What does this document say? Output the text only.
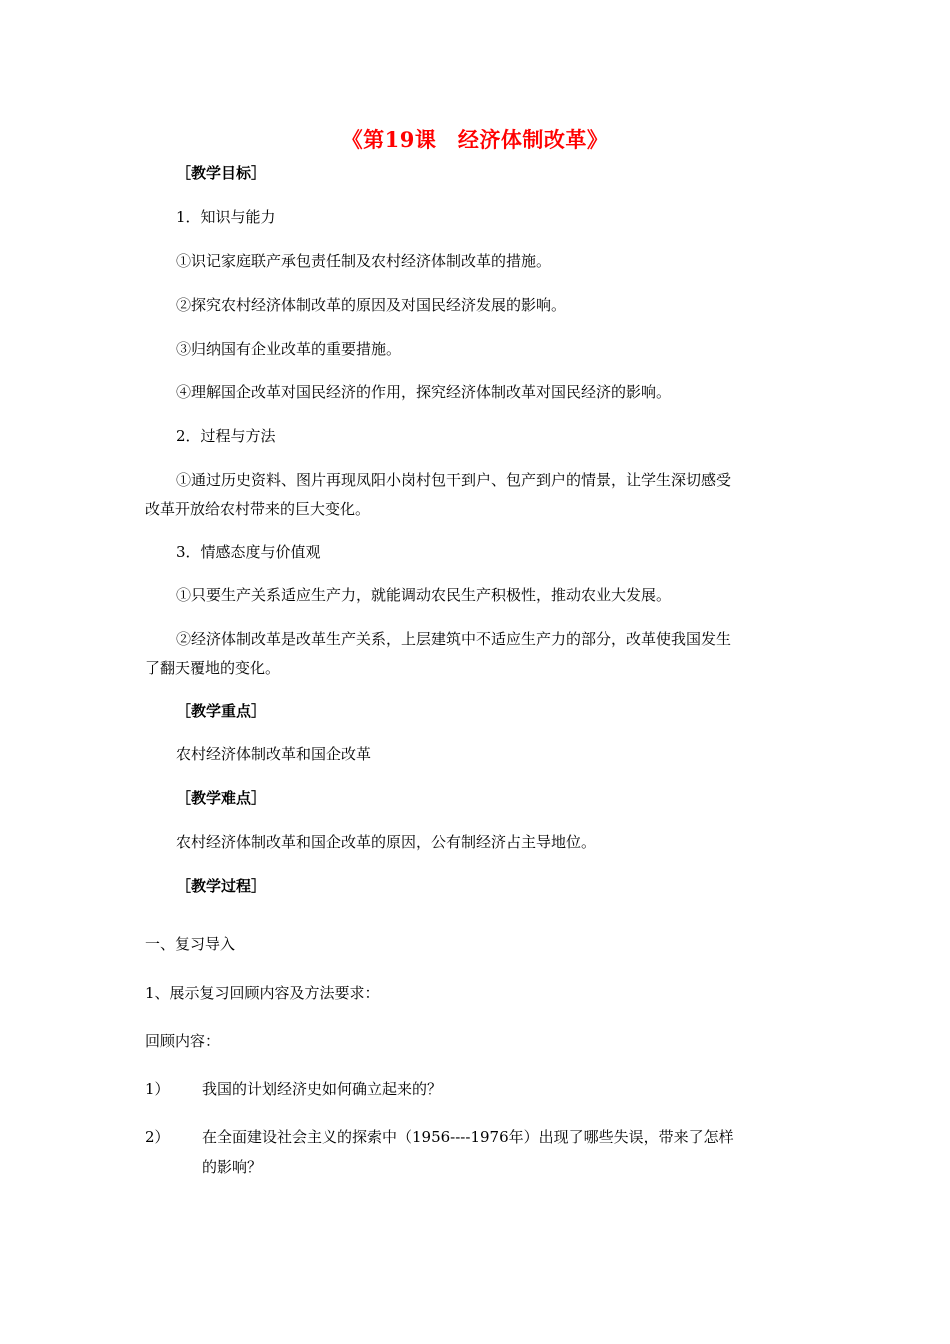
《第19课　经济体制改革》
［教学目标］
1．知识与能力
①识记家庭联产承包责任制及农村经济体制改革的措施。
②探究农村经济体制改革的原因及对国民经济发展的影响。
③归纳国有企业改革的重要措施。
④理解国企改革对国民经济的作用，探究经济体制改革对国民经济的影响。
2．过程与方法
①通过历史资料、图片再现凤阳小岗村包干到户、包产到户的情景，让学生深切感受
改革开放给农村带来的巨大变化。
3．情感态度与价值观
①只要生产关系适应生产力，就能调动农民生产积极性，推动农业大发展。
②经济体制改革是改革生产关系，上层建筑中不适应生产力的部分，改革使我国发生
了翻天覆地的变化。
［教学重点］
农村经济体制改革和国企改革
［教学难点］
农村经济体制改革和国企改革的原因，公有制经济占主导地位。
［教学过程］
一、复习导入
1、展示复习回顾内容及方法要求：
回顾内容：
1） 我国的计划经济史如何确立起来的？
2） 在全面建设社会主义的探索中（1956----1976年）出现了哪些失误，带来了怎样
的影响？
